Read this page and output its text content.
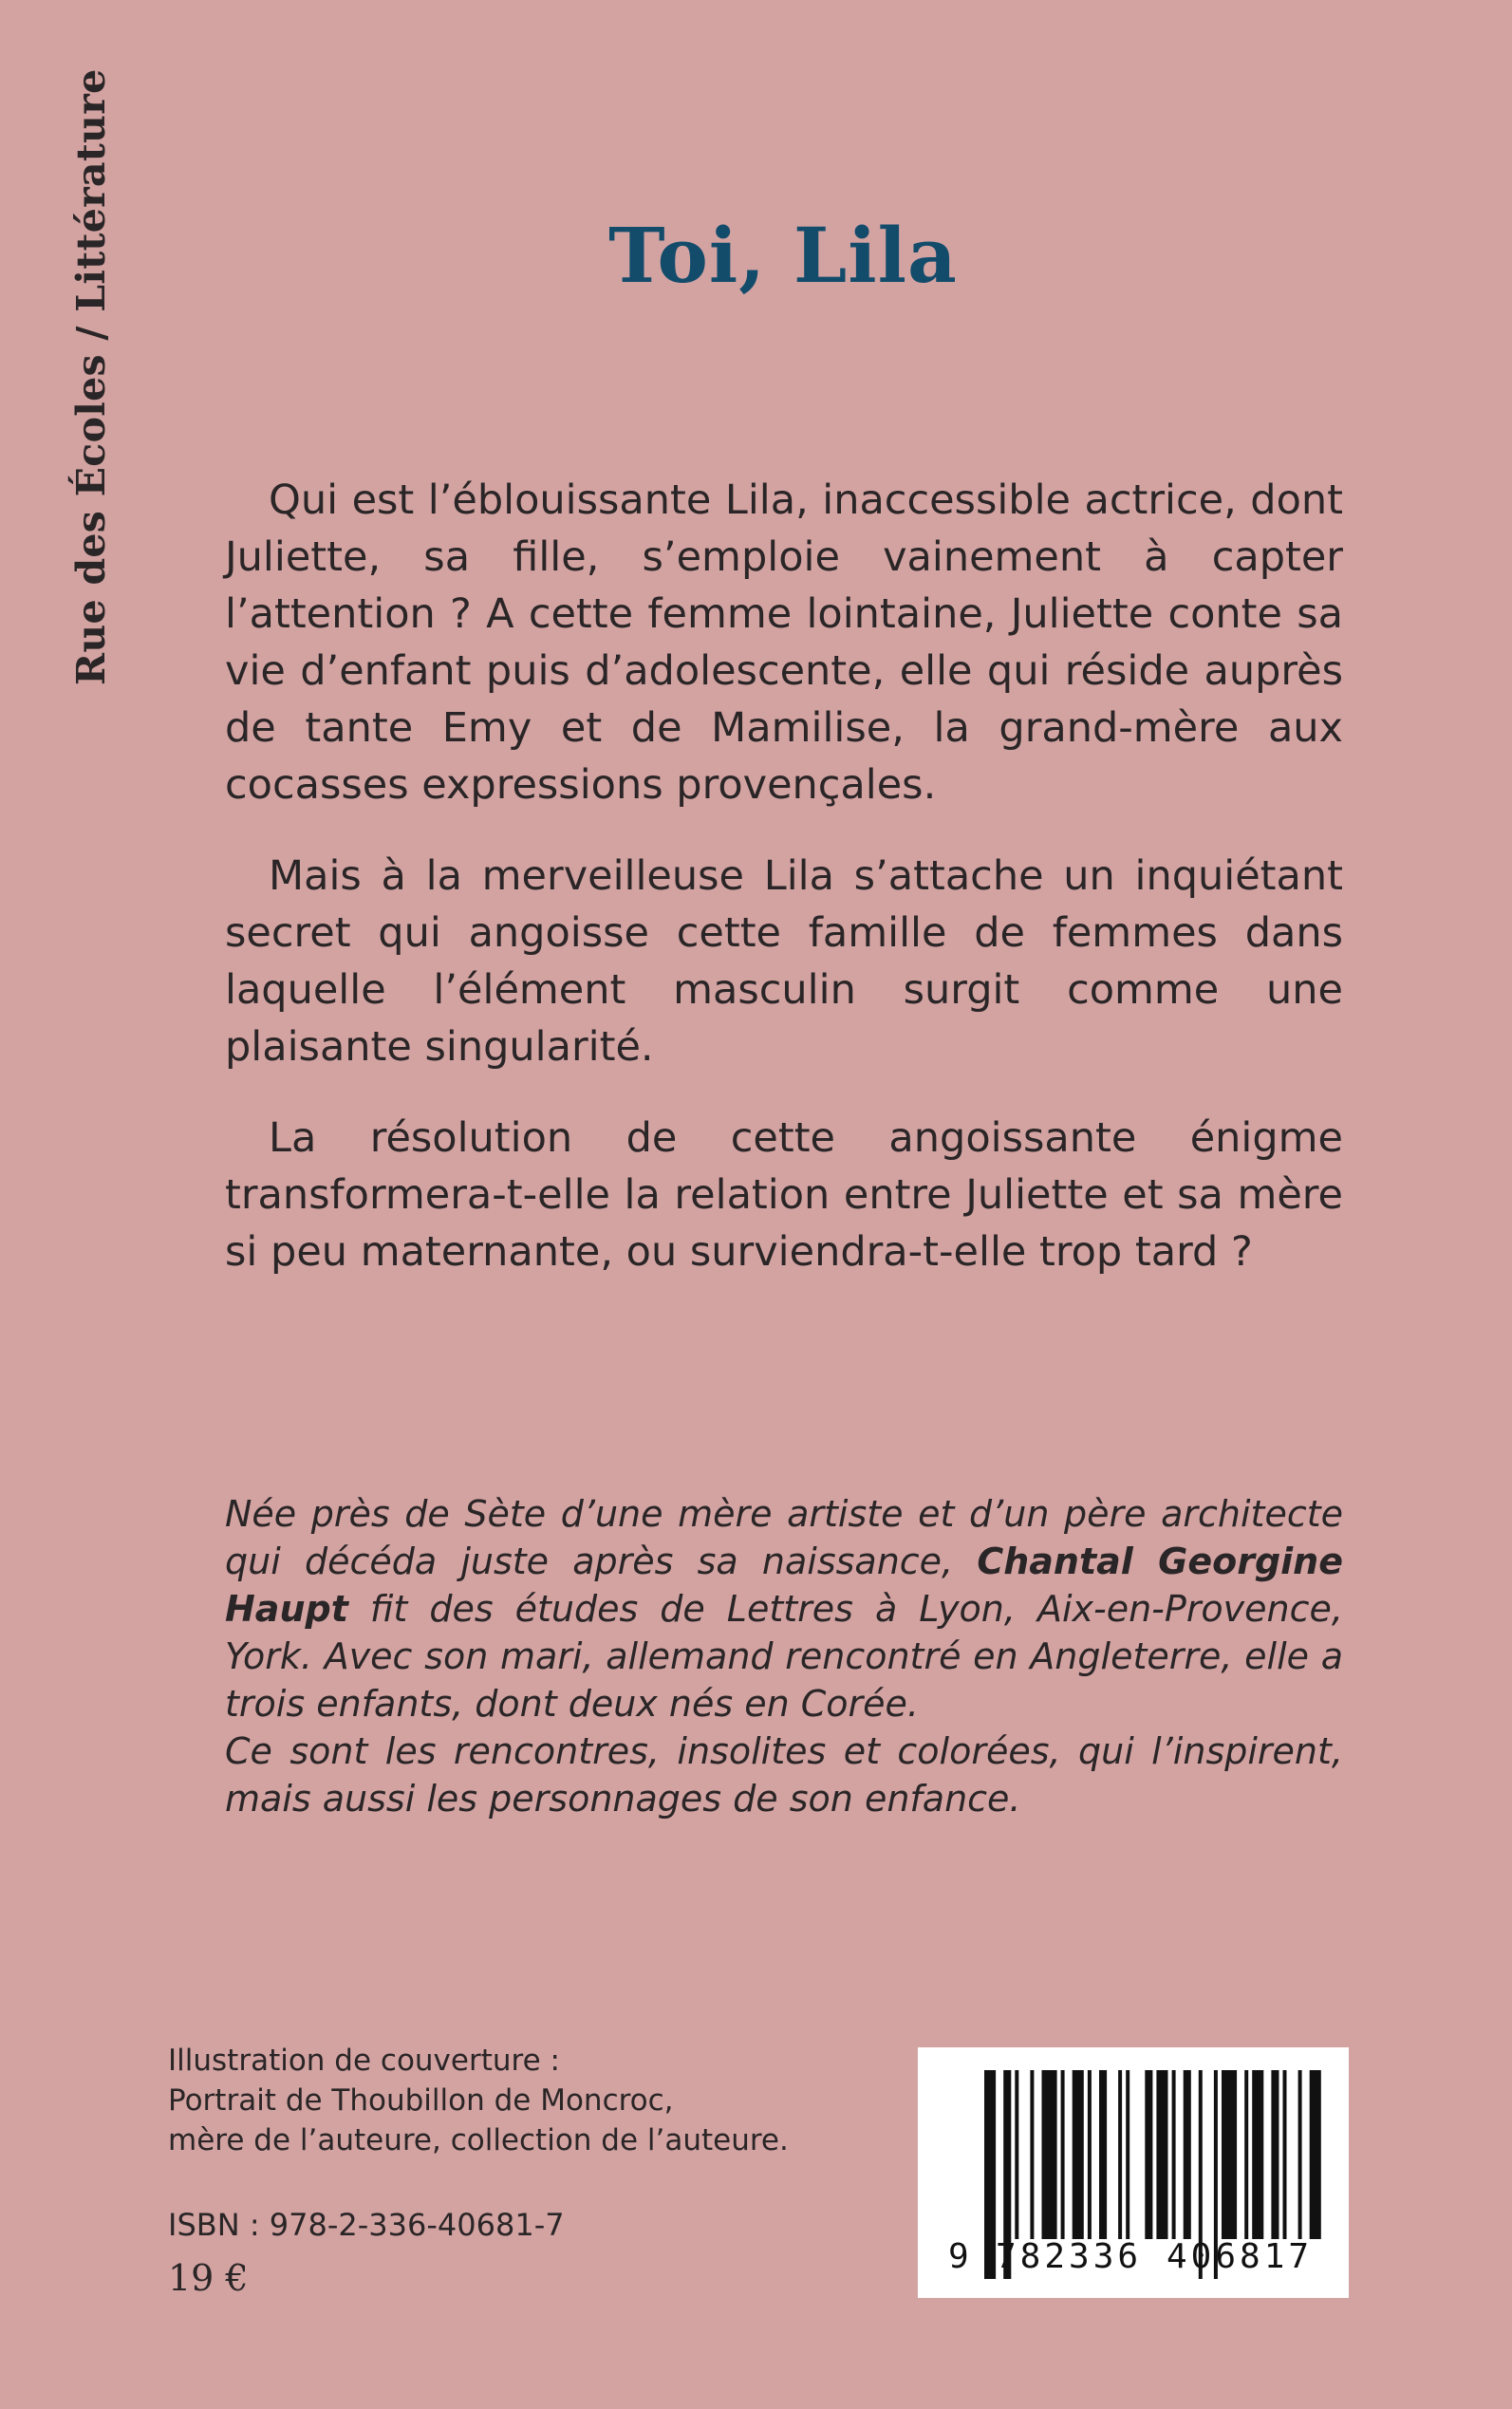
Rue des Écoles / Littérature	Toi, Lila

Qui est l’éblouissante Lila, inaccessible actrice, dont Juliette, sa fille, s’emploie vainement à capter l’attention ? A cette femme lointaine, Juliette conte sa vie d’enfant puis d’adolescente, elle qui réside auprès de tante Emy et de Mamilise, la grand-mère aux cocasses expressions provençales.

Mais à la merveilleuse Lila s’attache un inquiétant secret qui angoisse cette famille de femmes dans laquelle l’élément masculin surgit comme une plaisante singularité.

La résolution de cette angoissante énigme transformera-t-elle la relation entre Juliette et sa mère si peu maternante, ou surviendra-t-elle trop tard ?

Née près de Sète d’une mère artiste et d’un père architecte qui décéda juste après sa naissance, Chantal Georgine Haupt fit des études de Lettres à Lyon, Aix-en-Provence, York. Avec son mari, allemand rencontré en Angleterre, elle a trois enfants, dont deux nés en Corée.

Ce sont les rencontres, insolites et colorées, qui l’inspirent, mais aussi les personnages de son enfance.

Illustration de couverture :
Portrait de Thoubillon de Moncroc,
mère de l’auteure, collection de l’auteure.
ISBN : 978-2-336-40681-7
19 €
9 782336 406817
